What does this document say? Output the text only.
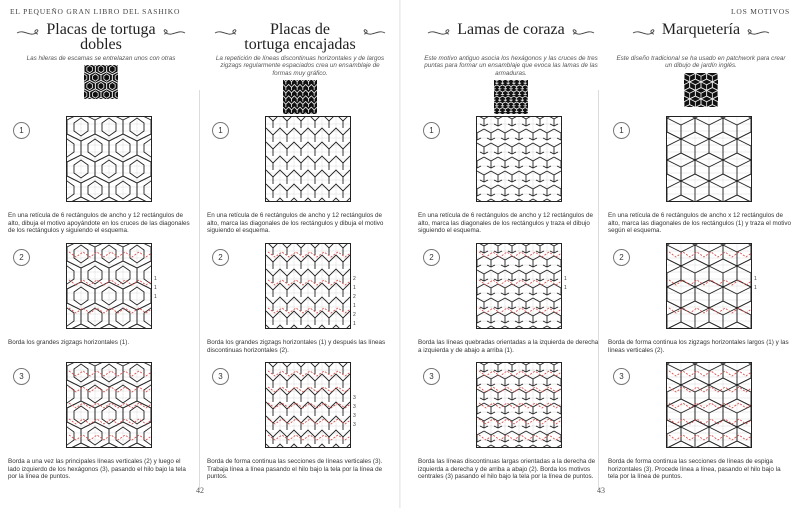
EL PEQUEÑO GRAN LIBRO DEL SASHIKO	LOS MOTIVOS
Placas de tortuga
dobles
Las hileras de escamas se entrelazan unos con otras
1
En una retícula de 6 rectángulos de ancho y 12 rectángulos de alto, dibuja el motivo apoyándote en los cruces de las diagonales de los rectángulos y siguiendo el esquema.
2
1
1
1
Borda los grandes zigzags horizontales (1).
3
Borda a una vez las principales líneas verticales (2) y luego el lado izquierdo de los hexágonos (3), pasando el hilo bajo la tela por la línea de puntos.
Placas de
tortuga encajadas
La repetición de líneas discontinuas horizontales y de largos zigzags regularmente espaciados crea un ensamblaje de formas muy gráfico.
1
En una retícula de 6 rectángulos de ancho y 12 rectángulos de alto, marca las diagonales de los rectángulos y dibuja el motivo siguiendo el esquema.
2
2
1
2
1
2
1
Borda los grandes zigzags horizontales (1) y después las líneas discontinuas horizontales (2).
3
3
3
3
3
Borda de forma continua las secciones de líneas verticales (3). Trabaja línea a línea pasando el hilo bajo la tela por la línea de puntos.
Lamas de coraza
Este motivo antiguo asocia los hexágonos y las cruces de tres puntas para formar un ensamblaje que evoca las lamas de las armaduras.
1
En una retícula de 6 rectángulos de ancho y 12 rectángulos de alto, marca las diagonales de los rectángulos y traza el dibujo siguiendo el esquema.
2
1
1
Borda las líneas quebradas orientadas a la izquierda de derecha a izquierda y de abajo a arriba (1).
3
Borda las líneas discontinuas largas orientadas a la derecha de izquierda a derecha y de arriba a abajo (2). Borda los motivos centrales (3) pasando el hilo bajo la tela por la línea de puntos.
Marquetería
Este diseño tradicional se ha usado en patchwork para crear un dibujo de jardín inglés.
1
En una retícula de 6 rectángulos de ancho x 12 rectángulos de alto, marca las diagonales de los rectángulos (1) y traza el motivo según el esquema.
2
1
1
Borda de forma continua los zigzags horizontales largos (1) y las líneas verticales (2).
3
Borda de forma continua las secciones de líneas de espiga horizontales (3). Procede línea a línea, pasando el hilo bajo la tela por la línea de puntos.
42	43
